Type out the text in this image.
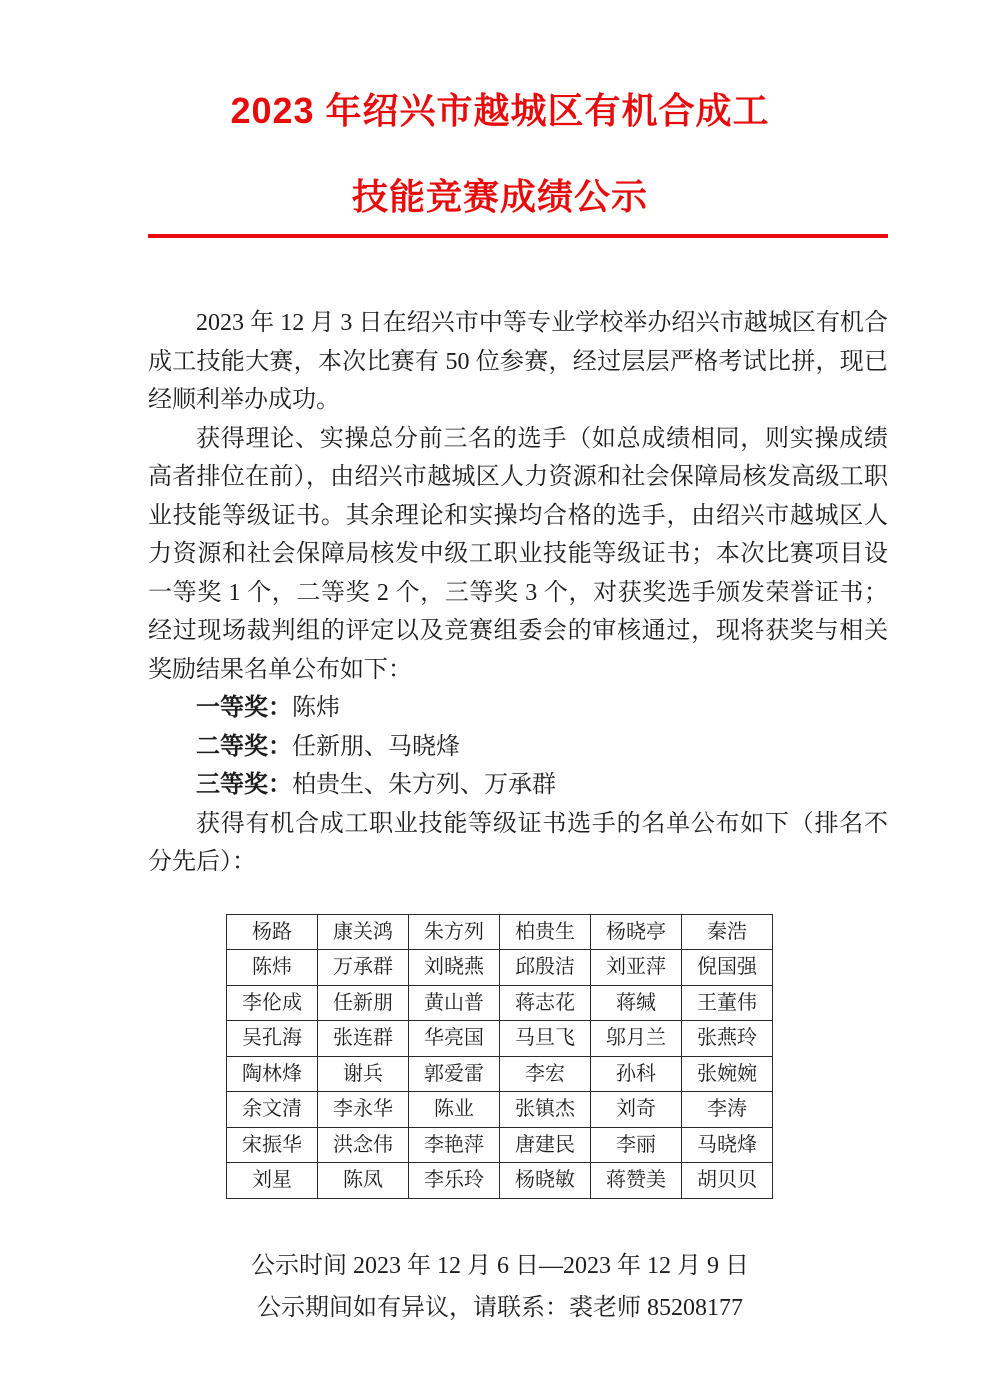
2023 年绍兴市越城区有机合成工
技能竞赛成绩公示

2023 年 12 月 3 日在绍兴市中等专业学校举办绍兴市越城区有机合成工技能大赛，本次比赛有 50 位参赛，经过层层严格考试比拼，现已经顺利举办成功。

获得理论、实操总分前三名的选手（如总成绩相同，则实操成绩高者排位在前），由绍兴市越城区人力资源和社会保障局核发高级工职业技能等级证书。其余理论和实操均合格的选手，由绍兴市越城区人力资源和社会保障局核发中级工职业技能等级证书；本次比赛项目设一等奖 1 个，二等奖 2 个，三等奖 3 个，对获奖选手颁发荣誉证书；经过现场裁判组的评定以及竞赛组委会的审核通过，现将获奖与相关奖励结果名单公布如下：

一等奖：陈炜
二等奖：任新朋、马晓烽
三等奖：柏贵生、朱方列、万承群

获得有机合成工职业技能等级证书选手的名单公布如下（排名不分先后）：

杨路	康关鸿	朱方列	柏贵生	杨晓亭	秦浩
陈炜	万承群	刘晓燕	邱殷洁	刘亚萍	倪国强
李伦成	任新朋	黄山普	蒋志花	蒋缄	王董伟
吴孔海	张连群	华亮国	马旦飞	邬月兰	张燕玲
陶林烽	谢兵	郭爱雷	李宏	孙科	张婉婉
余文清	李永华	陈业	张镇杰	刘奇	李涛
宋振华	洪念伟	李艳萍	唐建民	李丽	马晓烽
刘星	陈凤	李乐玲	杨晓敏	蒋赞美	胡贝贝
公示时间 2023 年 12 月 6 日—2023 年 12 月 9 日
公示期间如有异议，请联系：裘老师 85208177
